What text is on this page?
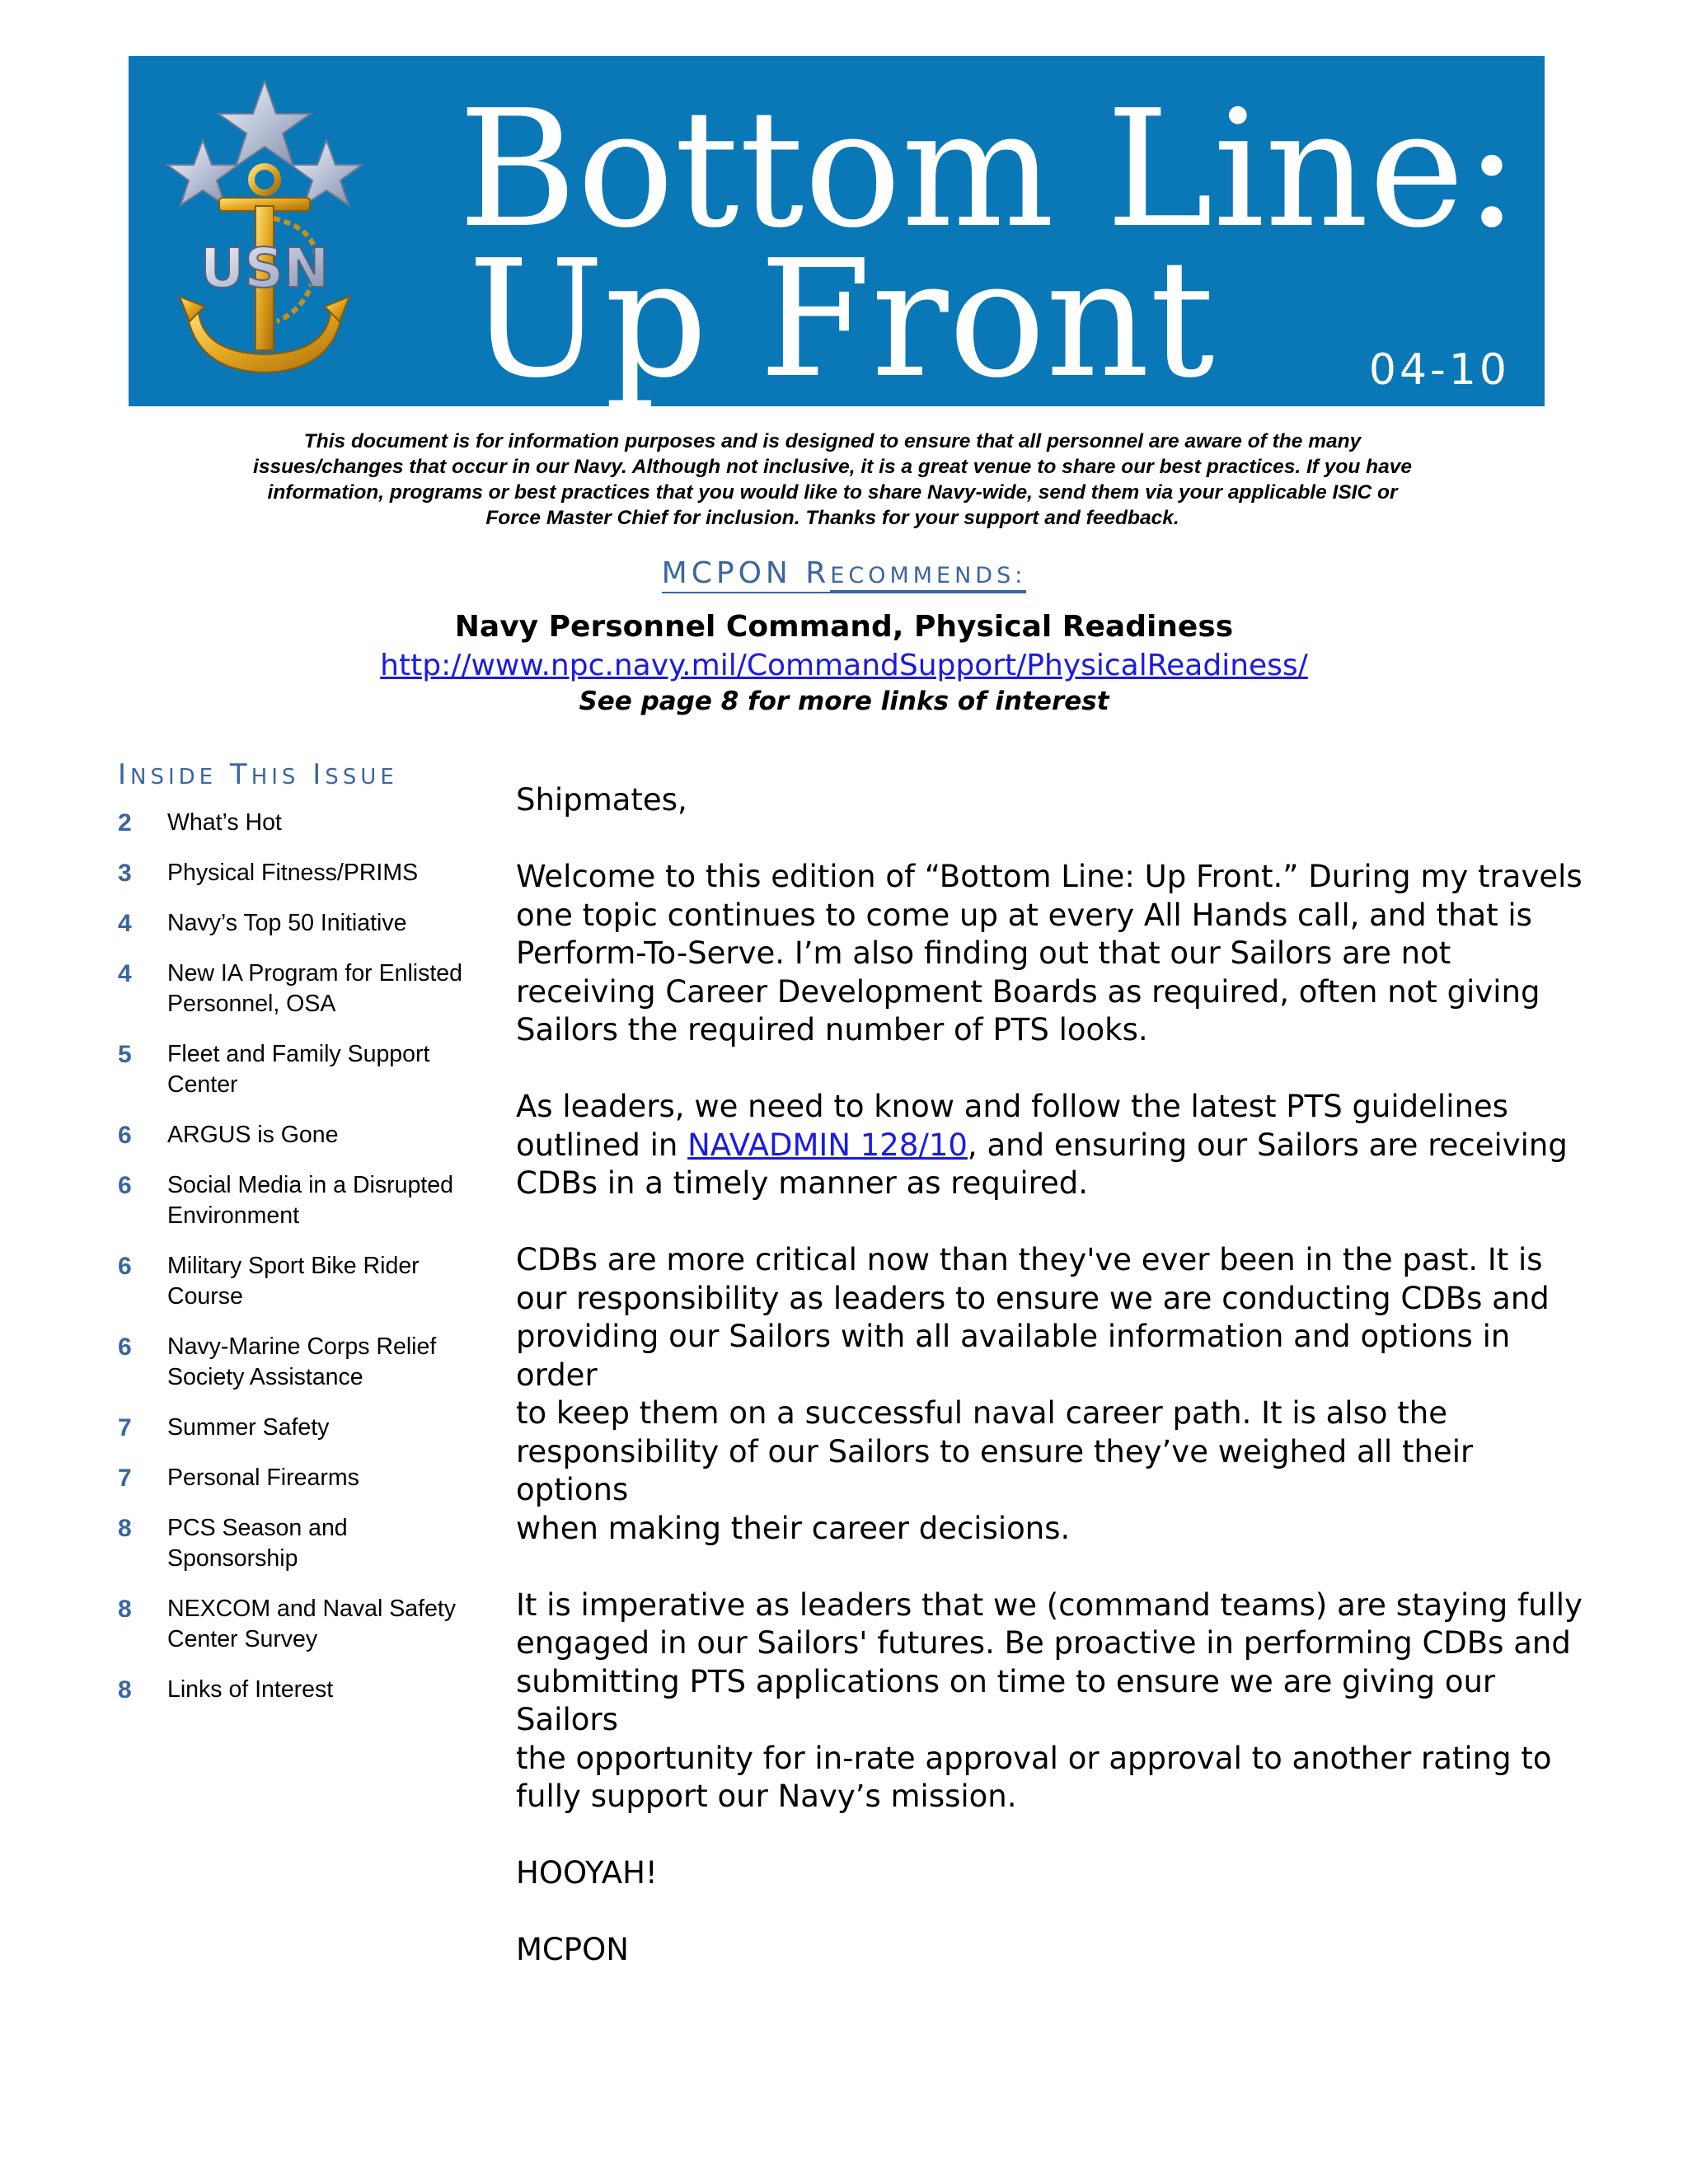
USN
Bottom Line:
Up Front	04-10
This document is for information purposes and is designed to ensure that all personnel are aware of the many issues/changes that occur in our Navy. Although not inclusive, it is a great venue to share our best practices. If you have information, programs or best practices that you would like to share Navy-wide, send them via your applicable ISIC or Force Master Chief for inclusion. Thanks for your support and feedback.
MCPON RECOMMENDS:
Navy Personnel Command, Physical Readiness
http://www.npc.navy.mil/CommandSupport/PhysicalReadiness/
See page 8 for more links of interest
INSIDE THIS ISSUE
2	What’s Hot
3	Physical Fitness/PRIMS
4	Navy’s Top 50 Initiative
4	New IA Program for Enlisted Personnel, OSA
5	Fleet and Family Support Center
6	ARGUS is Gone
6	Social Media in a Disrupted Environment
6	Military Sport Bike Rider Course
6	Navy-Marine Corps Relief Society Assistance
7	Summer Safety
7	Personal Firearms
8	PCS Season and Sponsorship
8	NEXCOM and Naval Safety Center Survey
8	Links of Interest

Shipmates,

Welcome to this edition of “Bottom Line: Up Front.” During my travels
one topic continues to come up at every All Hands call, and that is
Perform-To-Serve. I’m also finding out that our Sailors are not
receiving Career Development Boards as required, often not giving
Sailors the required number of PTS looks.

As leaders, we need to know and follow the latest PTS guidelines
outlined in NAVADMIN 128/10, and ensuring our Sailors are receiving
CDBs in a timely manner as required.

CDBs are more critical now than they've ever been in the past. It is
our responsibility as leaders to ensure we are conducting CDBs and
providing our Sailors with all available information and options in order
to keep them on a successful naval career path. It is also the
responsibility of our Sailors to ensure they’ve weighed all their options
when making their career decisions.

It is imperative as leaders that we (command teams) are staying fully
engaged in our Sailors' futures. Be proactive in performing CDBs and
submitting PTS applications on time to ensure we are giving our Sailors
the opportunity for in-rate approval or approval to another rating to
fully support our Navy’s mission.

HOOYAH!

MCPON
